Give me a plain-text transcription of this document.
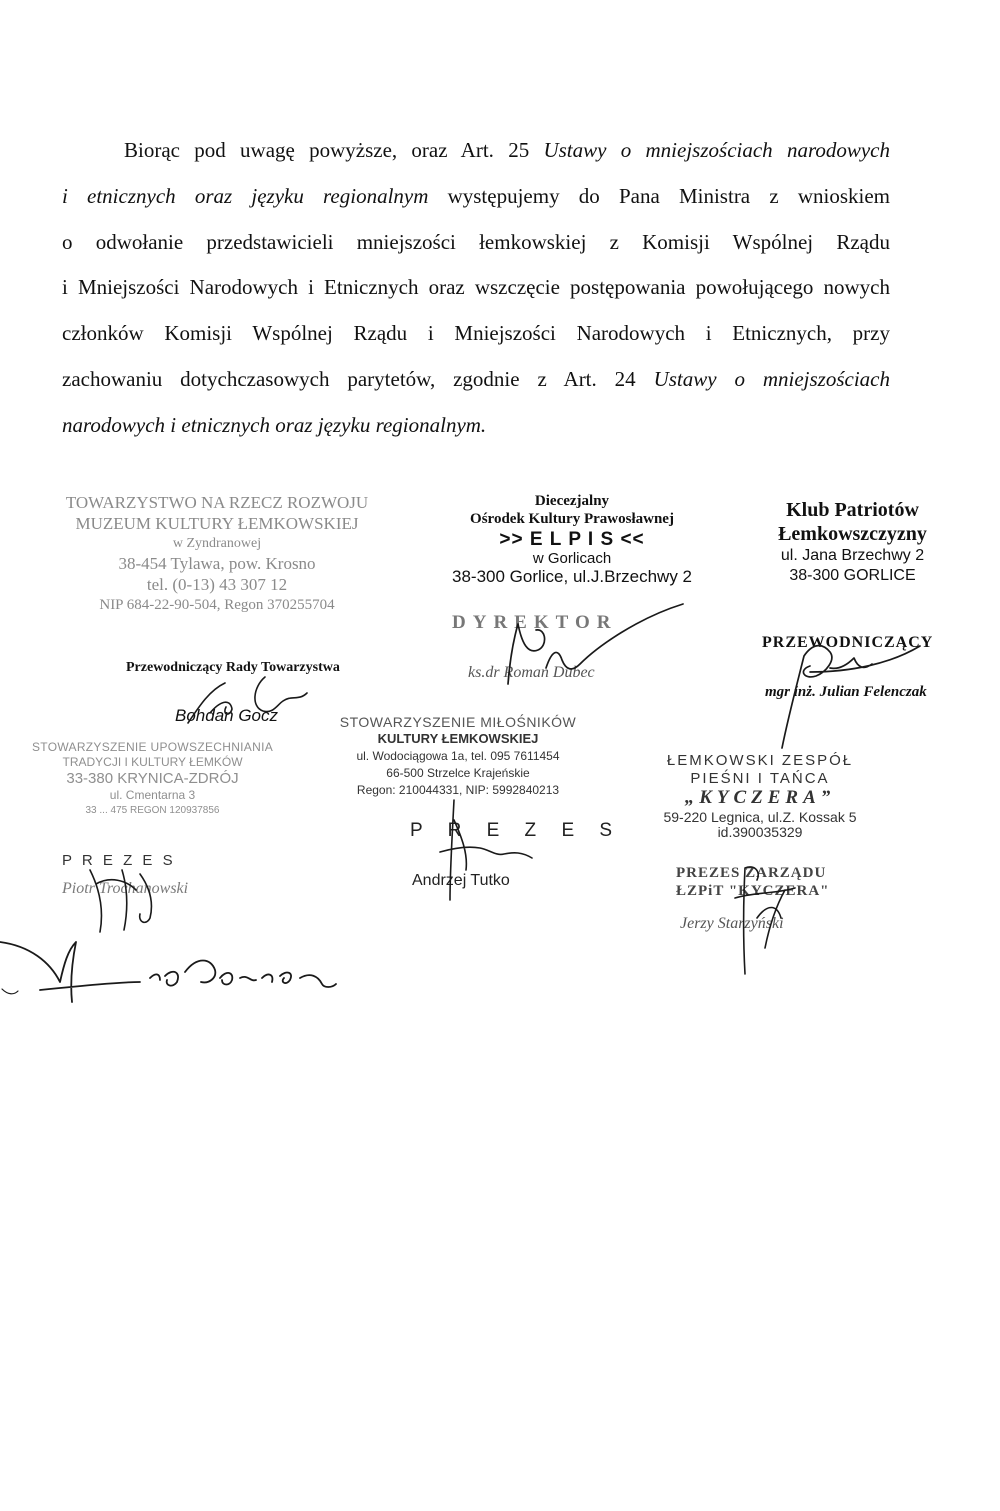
Biorąc pod uwagę powyższe, oraz Art. 25 Ustawy o mniejszościach narodowych
i etnicznych oraz języku regionalnym występujemy do Pana Ministra z wnioskiem
o odwołanie przedstawicieli mniejszości łemkowskiej z Komisji Wspólnej Rządu
i Mniejszości Narodowych i Etnicznych oraz wszczęcie postępowania powołującego nowych
członków Komisji Wspólnej Rządu i Mniejszości Narodowych i Etnicznych, przy
zachowaniu dotychczasowych parytetów, zgodnie z Art. 24 Ustawy o mniejszościach
narodowych i etnicznych oraz języku regionalnym.

TOWARZYSTWO NA RZECZ ROZWOJU

MUZEUM KULTURY ŁEMKOWSKIEJ

w Zyndranowej

38-454 Tylawa, pow. Krosno

tel. (0-13) 43 307 12

NIP 684-22-90-504, Regon 370255704

Przewodniczący Rady Towarzystwa

Bohdan Gocz

Diecezjalny

Ośrodek Kultury Prawosławnej

>> E L P I S <<

w Gorlicach

38-300 Gorlice, ul.J.Brzechwy 2

DYREKTOR

ks.dr Roman Dubec

Klub Patriotów

Łemkowszczyzny

ul. Jana Brzechwy 2

38-300 GORLICE

PRZEWODNICZĄCY

mgr inż. Julian Felenczak

STOWARZYSZENIE UPOWSZECHNIANIA

TRADYCJI I KULTURY ŁEMKÓW

33-380 KRYNICA-ZDRÓJ

ul. Cmentarna 3

33 ... 475 REGON 120937856

P R E Z E S

Piotr Trochanowski

STOWARZYSZENIE MIŁOŚNIKÓW

KULTURY ŁEMKOWSKIEJ

ul. Wodociągowa 1a, tel. 095 7611454

66-500 Strzelce Krajeńskie

Regon: 210044331, NIP: 5992840213

P R E Z E S

Andrzej Tutko

ŁEMKOWSKI ZESPÓŁ

PIEŚNI I TAŃCA

„KYCZERA”

59-220 Legnica, ul.Z. Kossak 5

id.390035329

PREZES ZARZĄDU

ŁZPiT "KYCZERA"

Jerzy Starzyński
